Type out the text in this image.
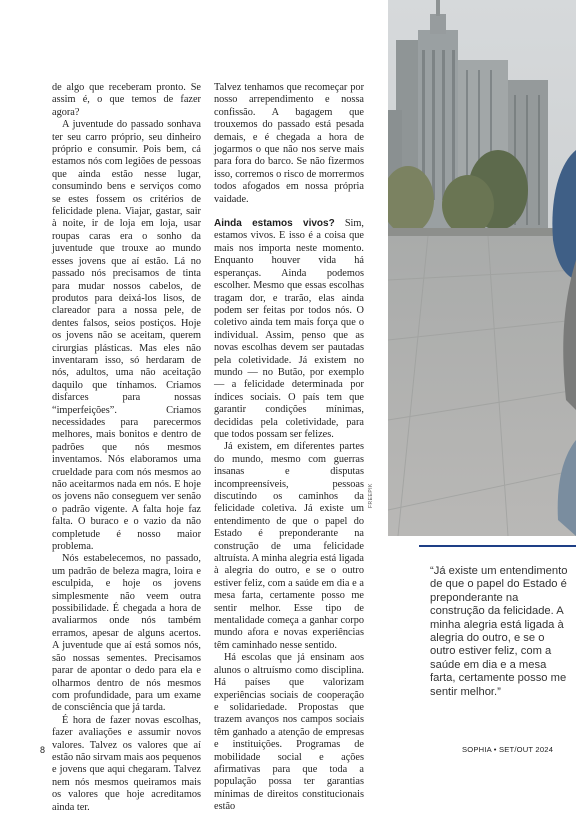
de algo que receberam pronto. Se assim é, o que temos de fazer agora?

A juventude do passado sonhava ter seu carro próprio, seu dinheiro próprio e consumir. Pois bem, cá estamos nós com legiões de pessoas que ainda estão nesse lugar, consumindo bens e serviços como se estes fossem os critérios de felicidade plena. Viajar, gastar, sair à noite, ir de loja em loja, usar roupas caras era o sonho da juventude que trouxe ao mundo esses jovens que aí estão. Lá no passado nós precisamos de tinta para mudar nossos cabelos, de produtos para deixá-los lisos, de clareador para a nossa pele, de dentes falsos, seios postiços. Hoje os jovens não se aceitam, querem cirurgias plásticas. Mas eles não inventaram isso, só herdaram de nós, adultos, uma não aceitação daquilo que tínhamos. Criamos disfarces para nossas “imperfeições”. Criamos necessidades para parecermos melhores, mais bonitos e dentro de padrões que nós mesmos inventamos. Nós elaboramos uma crueldade para com nós mesmos ao não aceitarmos nada em nós. E hoje os jovens não conseguem ver senão o padrão vigente. A falta hoje faz falta. O buraco e o vazio da não completude é nosso maior problema.

Nós estabelecemos, no passado, um padrão de beleza magra, loira e esculpida, e hoje os jovens simplesmente não veem outra possibilidade. É chegada a hora de avaliarmos onde nós também erramos, apesar de alguns acertos. A juventude que aí está somos nós, são nossas sementes. Precisamos parar de apontar o dedo para ela e olharmos dentro de nós mesmos com profundidade, para um exame de consciência que já tarda.

É hora de fazer novas escolhas, fazer avaliações e assumir novos valores. Talvez os valores que aí estão não sirvam mais aos pequenos e jovens que aqui chegaram. Talvez nem nós mesmos queiramos mais os valores que hoje acreditamos ainda ter.

Talvez tenhamos que recomeçar por nosso arrependimento e nossa confissão. A bagagem que trouxemos do passado está pesada demais, e é chegada a hora de jogarmos o que não nos serve mais para fora do barco. Se não fizermos isso, corremos o risco de morrermos todos afogados em nossa própria vaidade.

Ainda estamos vivos? Sim, estamos vivos. E isso é a coisa que mais nos importa neste momento. Enquanto houver vida há esperanças. Ainda podemos escolher. Mesmo que essas escolhas tragam dor, e trarão, elas ainda podem ser feitas por todos nós. O coletivo ainda tem mais força que o individual. Assim, penso que as novas escolhas devem ser pautadas pela coletividade. Já existem no mundo — no Butão, por exemplo — a felicidade determinada por índices sociais. O país tem que garantir condições mínimas, decididas pela coletividade, para que todos possam ser felizes.

Já existem, em diferentes partes do mundo, mesmo com guerras insanas e disputas incompreensíveis, pessoas discutindo os caminhos da felicidade coletiva. Já existe um entendimento de que o papel do Estado é preponderante na construção de uma felicidade altruísta. A minha alegria está ligada à alegria do outro, e se o outro estiver feliz, com a saúde em dia e a mesa farta, certamente posso me sentir melhor. Esse tipo de mentalidade começa a ganhar corpo mundo afora e novas experiências têm caminhado nesse sentido.

Há escolas que já ensinam aos alunos o altruísmo como disciplina. Há países que valorizam experiências sociais de cooperação e solidariedade. Propostas que trazem avanços nos campos sociais têm ganhado a atenção de empresas e instituições. Programas de mobilidade social e ações afirmativas para que toda a população possa ter garantias mínimas de direitos constitucionais estão

FREEPIK
“Já existe um entendimento de que o papel do Estado é preponderante na construção da felicidade. A minha alegria está ligada à alegria do outro, e se o outro estiver feliz, com a saúde em dia e a mesa farta, certamente posso me sentir melhor.”
8	SOPHIA • SET/OUT 2024
